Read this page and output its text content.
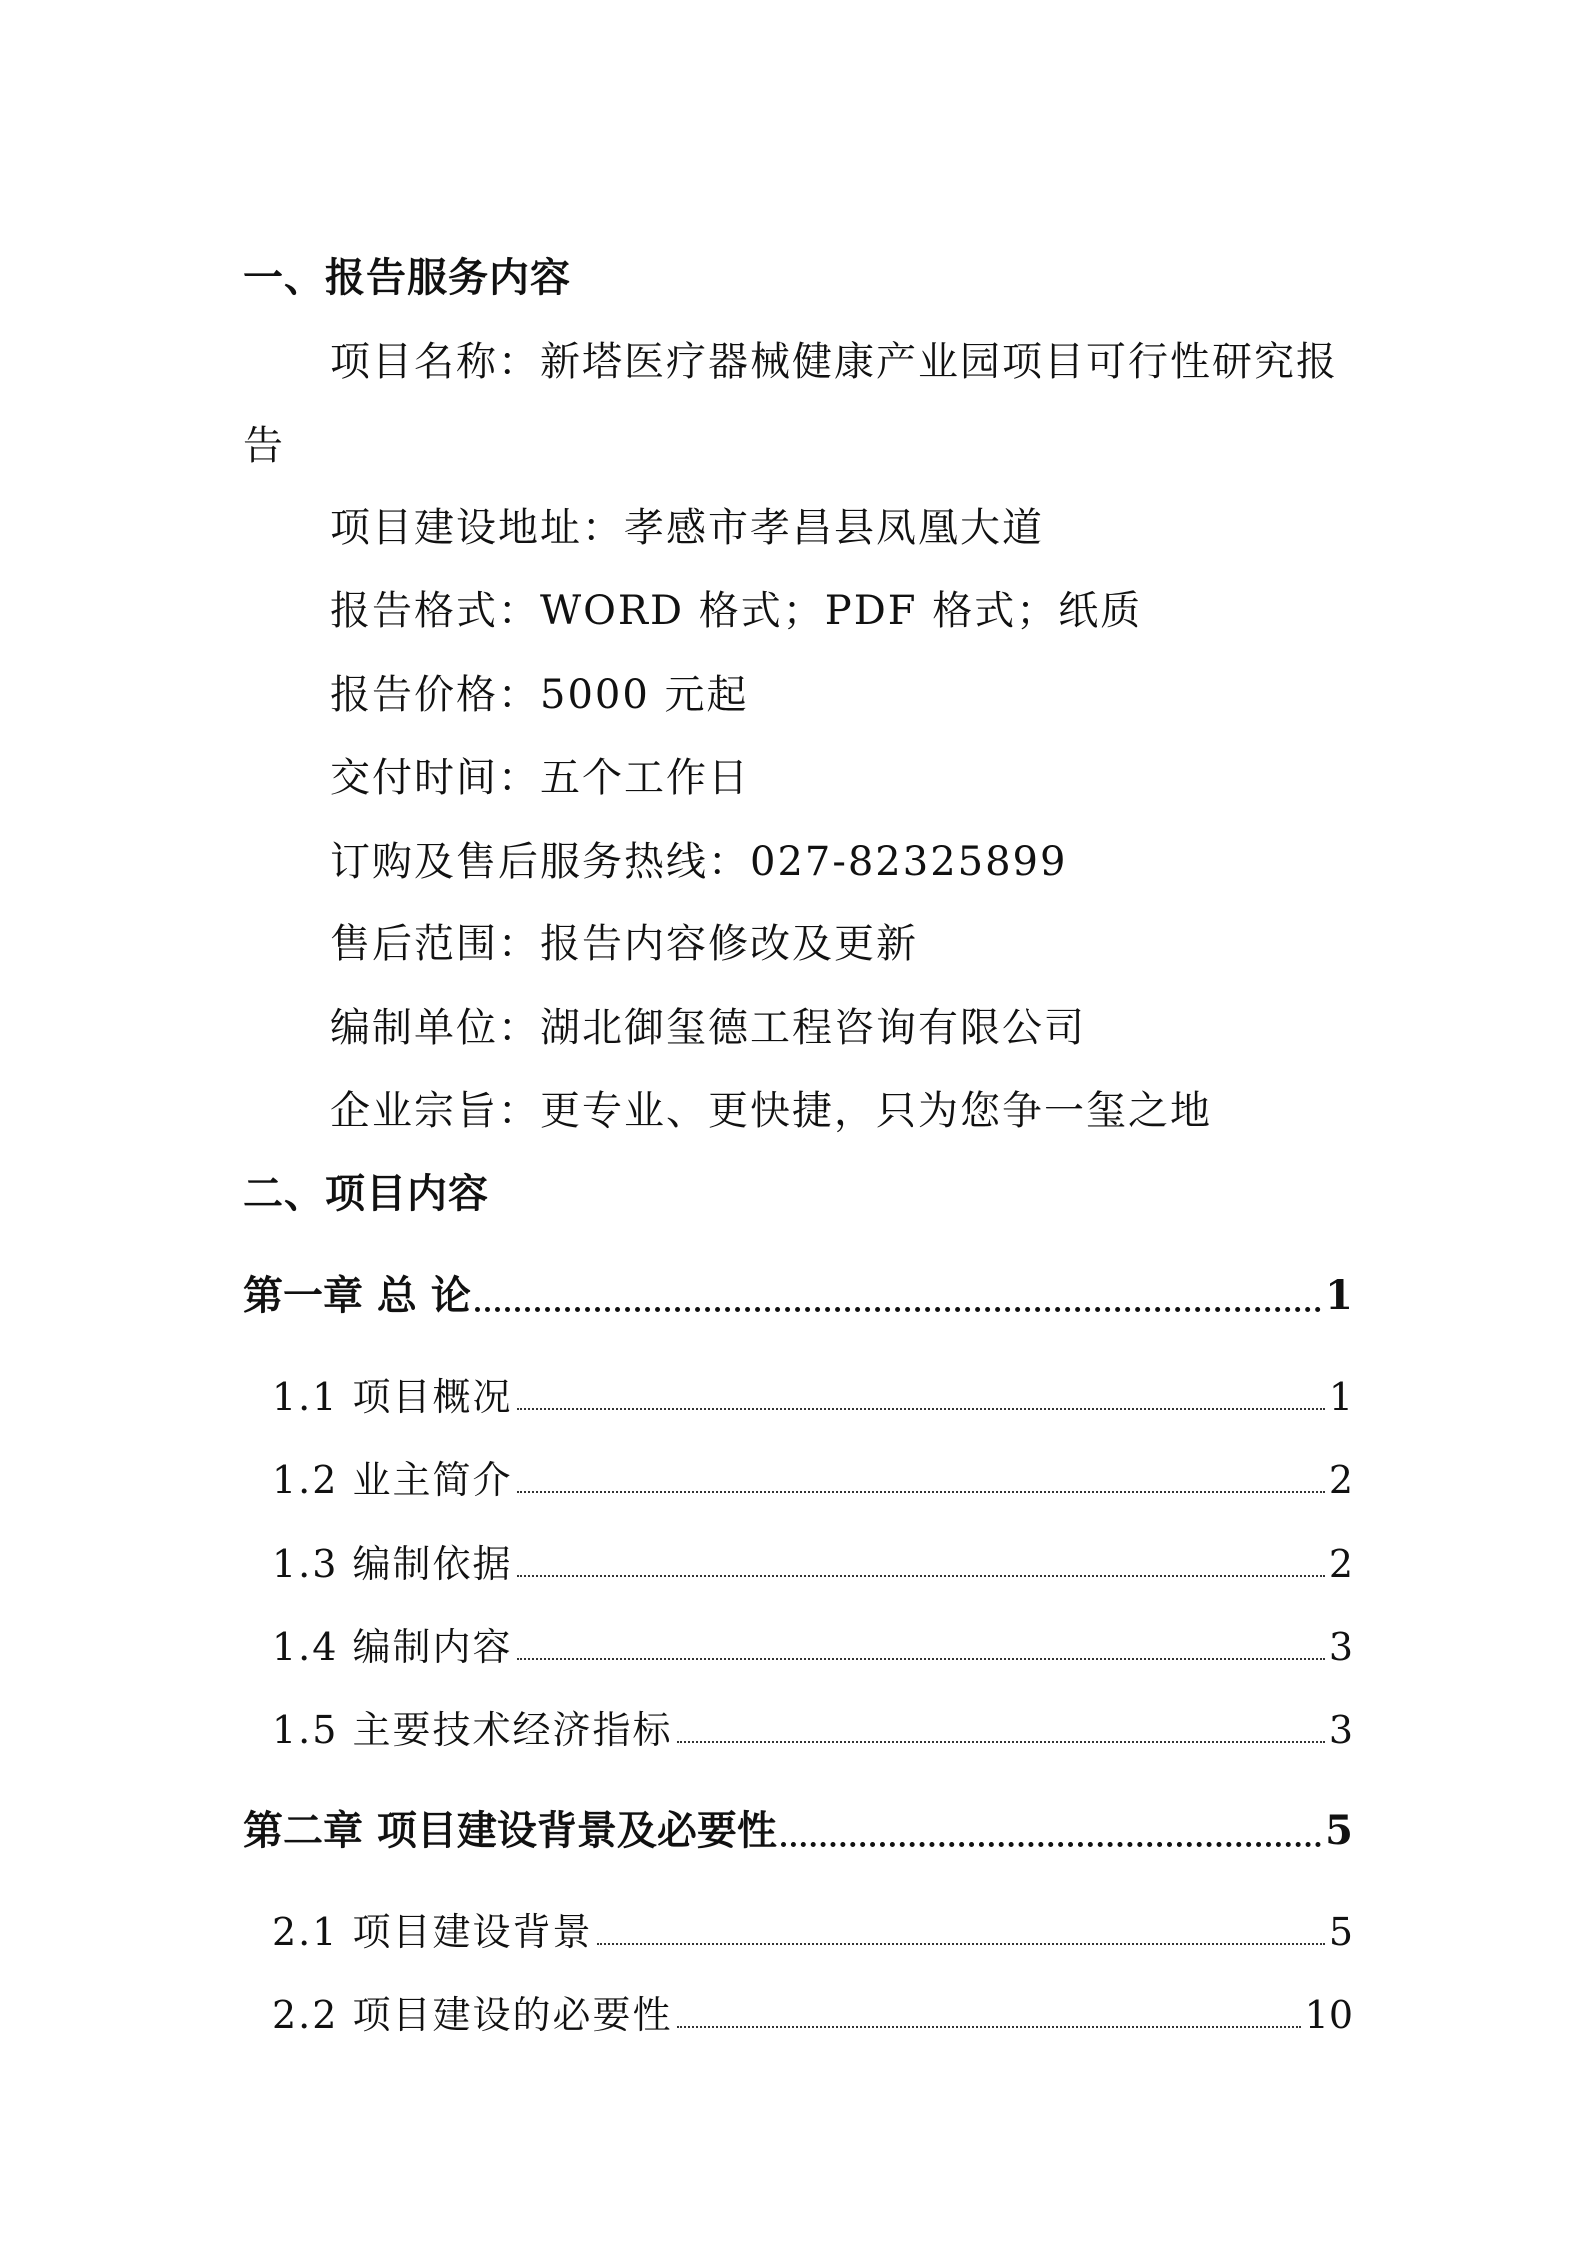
一、报告服务内容
项目名称：新塔医疗器械健康产业园项目可行性研究报
告
项目建设地址：孝感市孝昌县凤凰大道
报告格式：WORD 格式；PDF 格式；纸质
报告价格：5000 元起
交付时间：五个工作日
订购及售后服务热线：027-82325899
售后范围：报告内容修改及更新
编制单位：湖北御玺德工程咨询有限公司
企业宗旨：更专业、更快捷，只为您争一玺之地
二、项目内容
第一章 总 论	1
1.1 项目概况	1
1.2 业主简介	2
1.3 编制依据	2
1.4 编制内容	3
1.5 主要技术经济指标	3
第二章 项目建设背景及必要性	5
2.1 项目建设背景	5
2.2 项目建设的必要性	10
